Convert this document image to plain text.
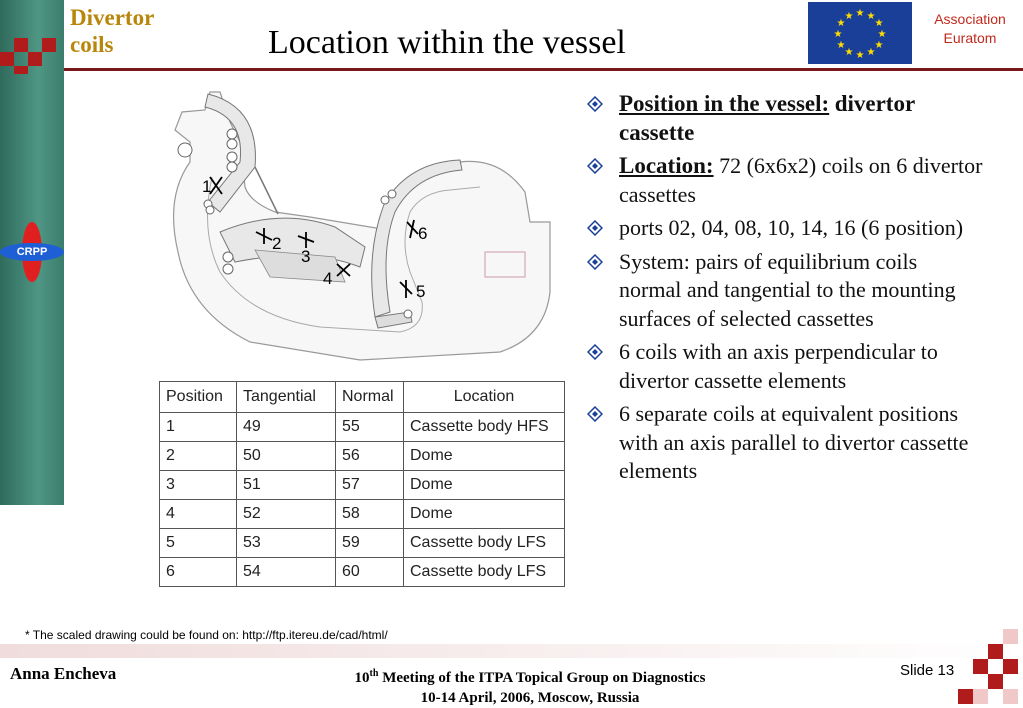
CRPP
Divertor
coils	Location within the vessel
★ ★
★
★
★
★
★
★
★
★
★
★	Association
Euratom
1
2
3
4
5
6
Position	Tangential	Normal	Location
1	49	55	Cassette body HFS
2	50	56	Dome
3	51	57	Dome
4	52	58	Dome
5	53	59	Cassette body LFS
6	54	60	Cassette body LFS
Position in the vessel: divertor cassette
Location: 72 (6x6x2) coils on 6 divertor cassettes
ports 02, 04, 08, 10, 14, 16 (6 position)
System: pairs of equilibrium coils normal and tangential to the mounting surfaces of selected cassettes
6 coils with an axis perpendicular to divertor cassette elements
6 separate coils at equivalent positions with an axis parallel to divertor cassette elements
* The scaled drawing could be found on: http://ftp.itereu.de/cad/html/
Anna Encheva	10th Meeting of the ITPA Topical Group on Diagnostics
10-14 April, 2006, Moscow, Russia
Slide 13
